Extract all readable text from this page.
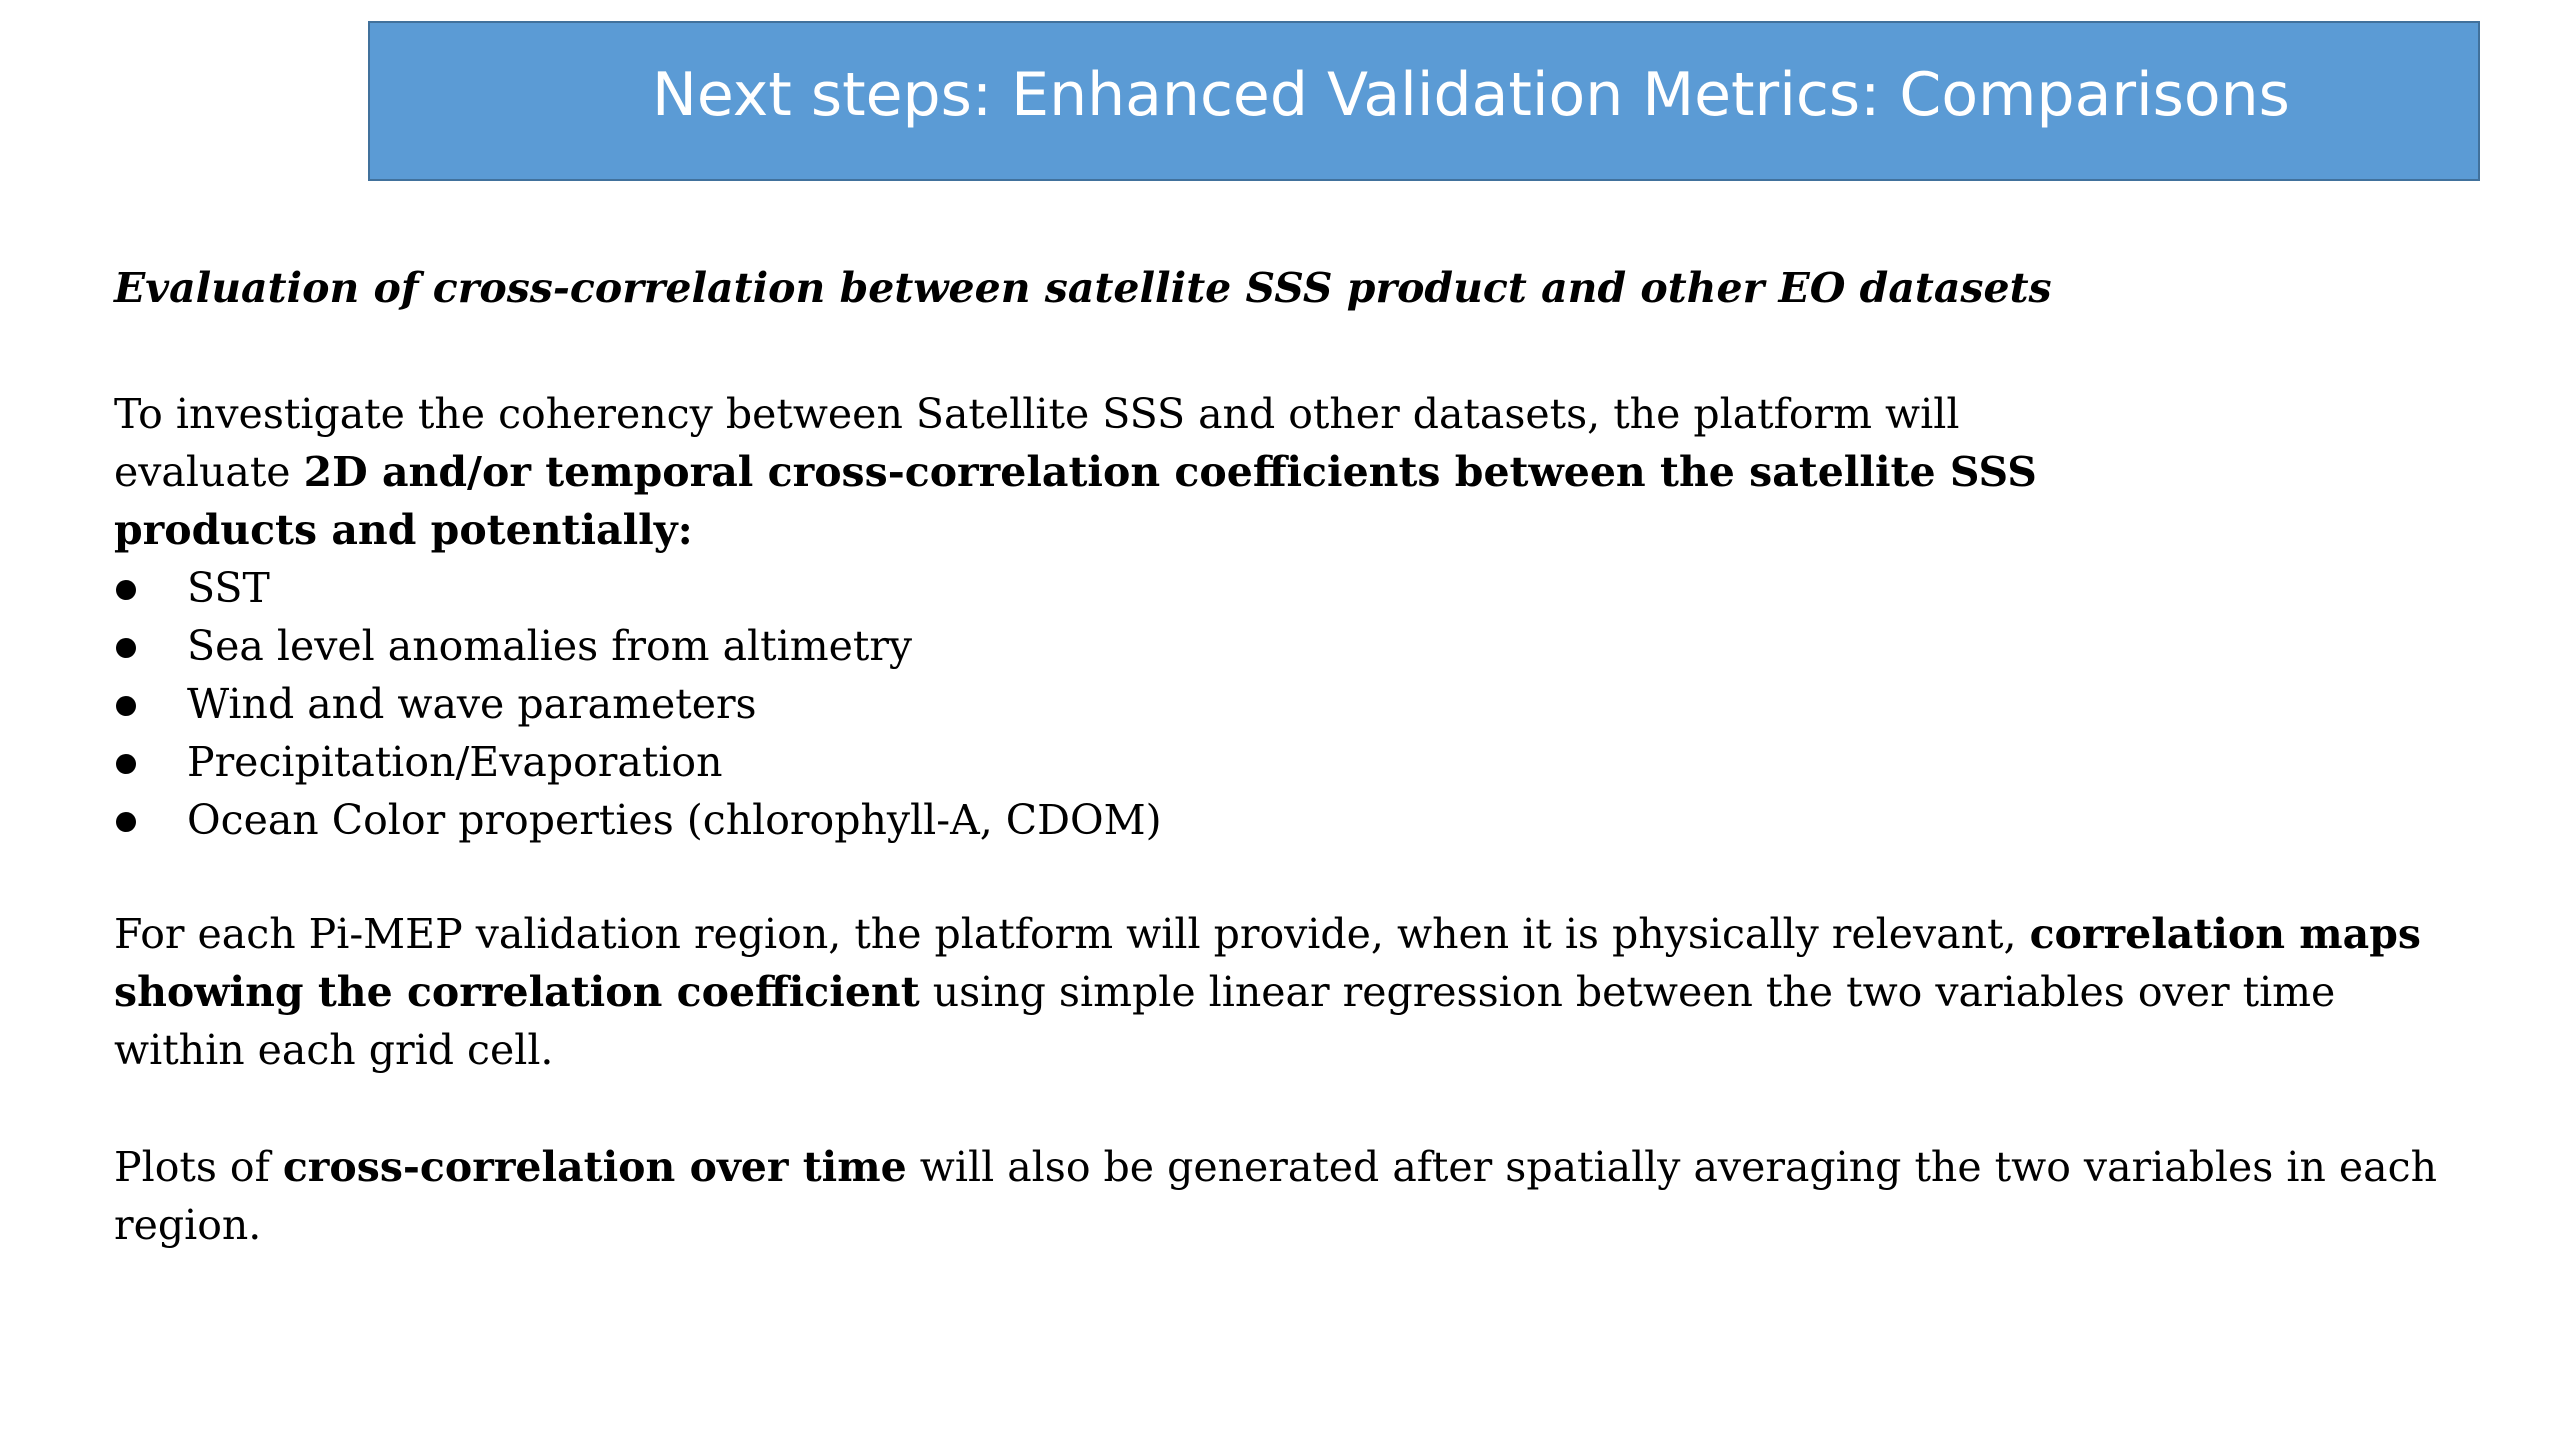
Next steps: Enhanced Validation Metrics: Comparisons
Evaluation of cross-correlation between satellite SSS product and other EO datasets
To investigate the coherency between Satellite SSS and other datasets, the platform will evaluate 2D and/or temporal cross-correlation coefficients between the satellite SSS products and potentially:
SST
Sea level anomalies from altimetry
Wind and wave parameters
Precipitation/Evaporation
Ocean Color properties (chlorophyll-A, CDOM)
For each Pi-MEP validation region, the platform will provide, when it is physically relevant, correlation maps showing the correlation coefficient using simple linear regression between the two variables over time within each grid cell.
Plots of cross-correlation over time will also be generated after spatially averaging the two variables in each region.
